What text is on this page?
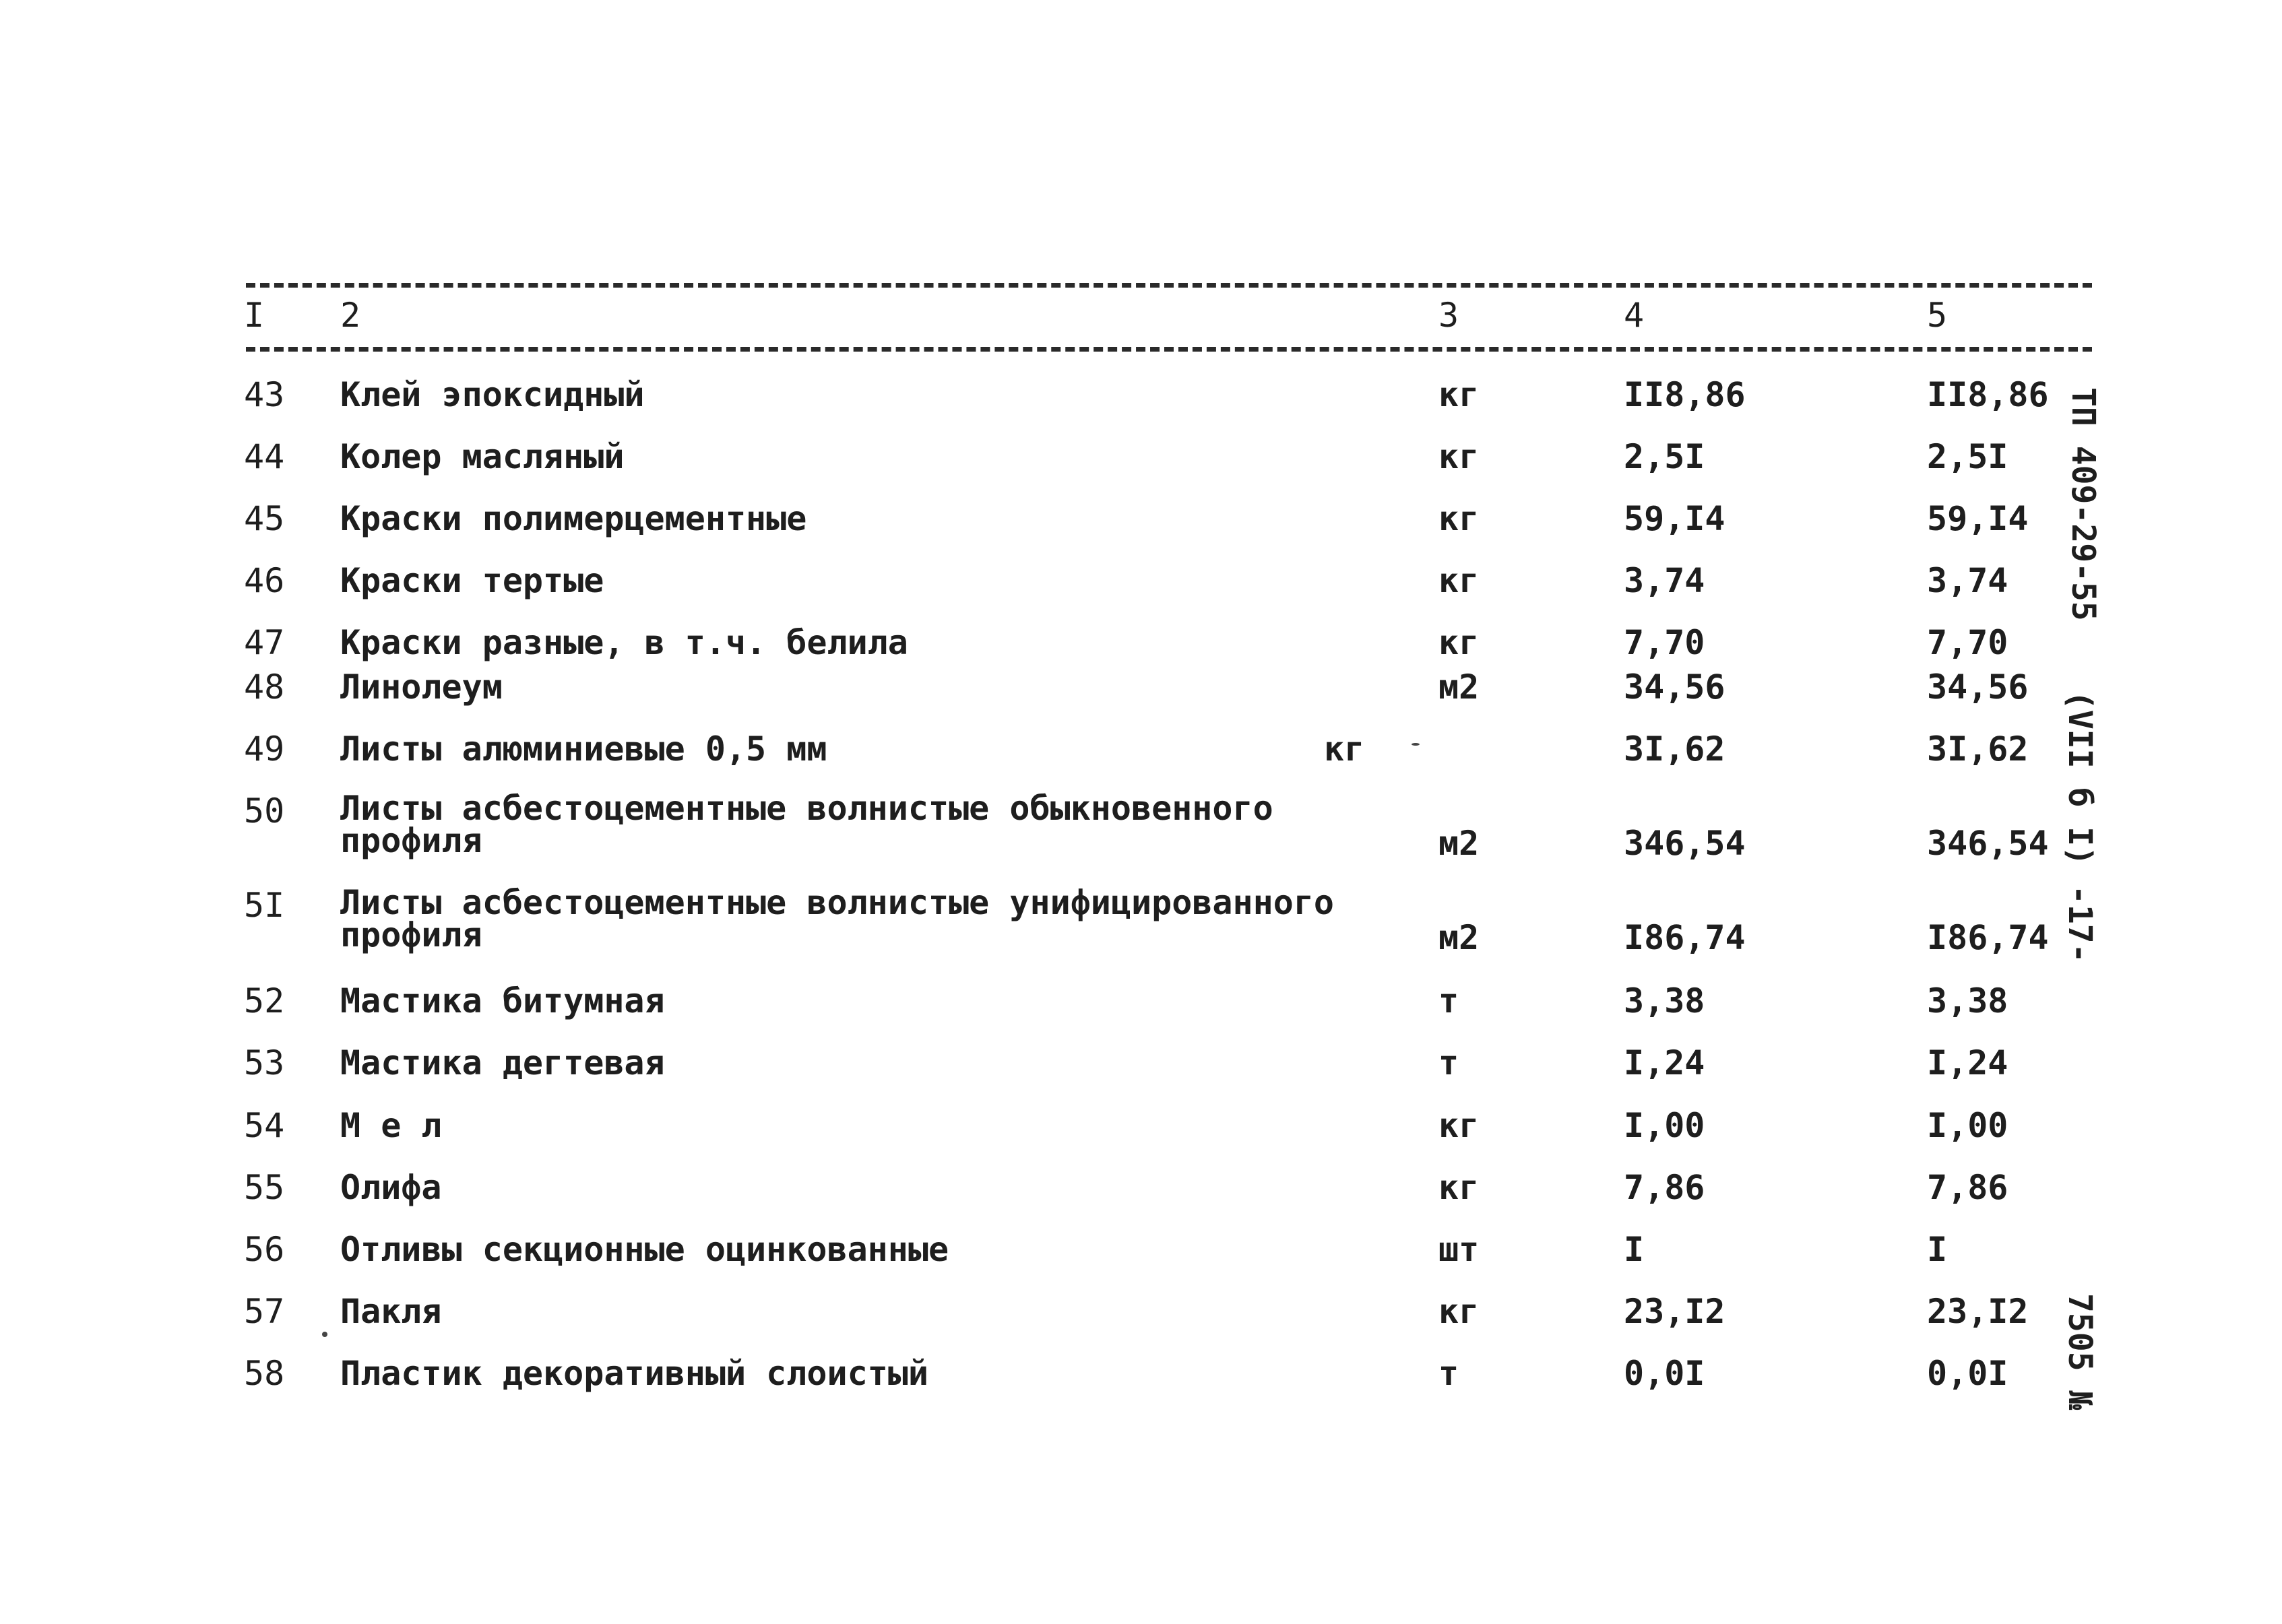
I 2	3	4	5
43 Клей эпоксидный	кг	II8,86	II8,86
44 Колер масляный	кг	2,5I	2,5I
45 Краски полимерцементные	кг	59,I4	59,I4
46 Краски тертые	кг	3,74	3,74
47 Краски разные, в т.ч. белила	кг	7,70	7,70
48 Линолеум	м2	34,56	34,56
49 Листы алюминиевые 0,5 мм	кг	3I,62	3I,62
50 Листы асбестоцементные волнистые обыкновенного
профиля	м2	346,54	346,54
5I Листы асбестоцементные волнистые унифицированного
профиля	м2	I86,74	I86,74
52 Мастика битумная	т	3,38	3,38
53 Мастика дегтевая	т	I,24	I,24
54 М е л	кг	I,00	I,00
55 Олифа	кг	7,86	7,86
56 Отливы секционные оцинкованные	шт	I	I
57 Пакля	кг	23,I2	23,I2
58 Пластик декоративный слоистый	т	0,0I	0,0I
ТП 409-29-55
(VII б I) -17-
7505 №
